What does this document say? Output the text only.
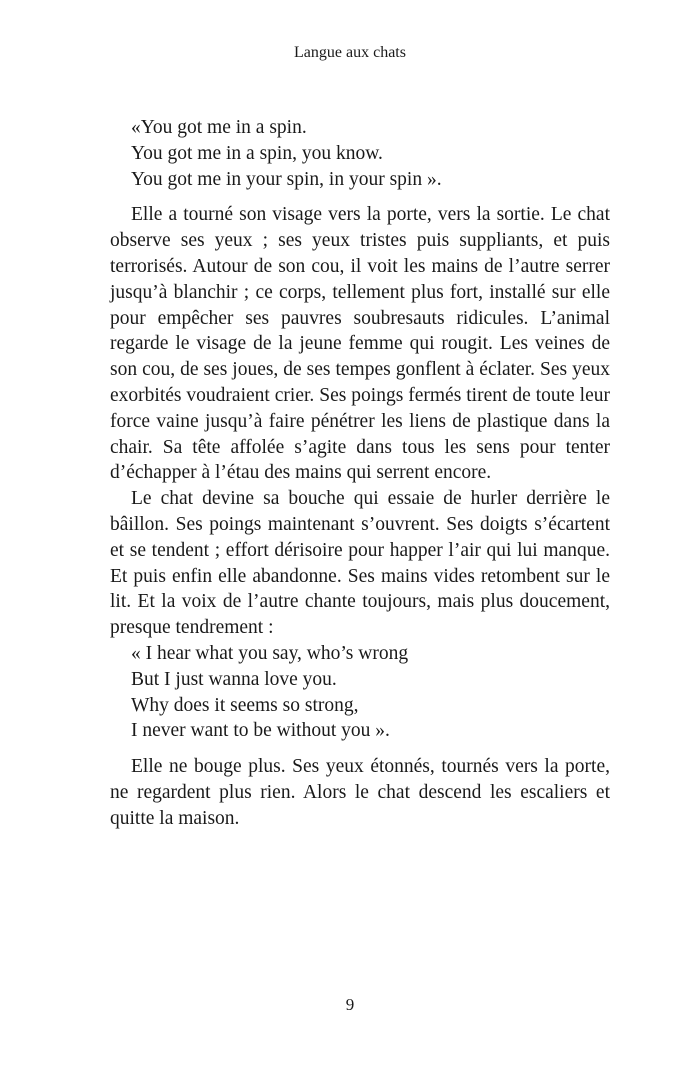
Langue aux chats
«You got me in a spin.
You got me in a spin, you know.
You got me in your spin, in your spin ».

Elle a tourné son visage vers la porte, vers la sortie. Le chat observe ses yeux ; ses yeux tristes puis suppliants, et puis terrorisés. Autour de son cou, il voit les mains de l’autre serrer jusqu’à blanchir ; ce corps, tellement plus fort, installé sur elle pour empêcher ses pauvres soubresauts ridicules. L’animal regarde le visage de la jeune femme qui rougit. Les veines de son cou, de ses joues, de ses tempes gonflent à éclater. Ses yeux exorbités voudraient crier. Ses poings fermés tirent de toute leur force vaine jusqu’à faire pénétrer les liens de plastique dans la chair. Sa tête affolée s’agite dans tous les sens pour tenter d’échapper à l’étau des mains qui serrent encore.

Le chat devine sa bouche qui essaie de hurler derrière le bâillon. Ses poings maintenant s’ouvrent. Ses doigts s’écartent et se tendent ; effort dérisoire pour happer l’air qui lui manque. Et puis enfin elle abandonne. Ses mains vides retombent sur le lit. Et la voix de l’autre chante toujours, mais plus doucement, presque tendrement :

« I hear what you say, who’s wrong
But I just wanna love you.
Why does it seems so strong,
I never want to be without you ».

Elle ne bouge plus. Ses yeux étonnés, tournés vers la porte, ne regardent plus rien. Alors le chat descend les escaliers et quitte la maison.

9
